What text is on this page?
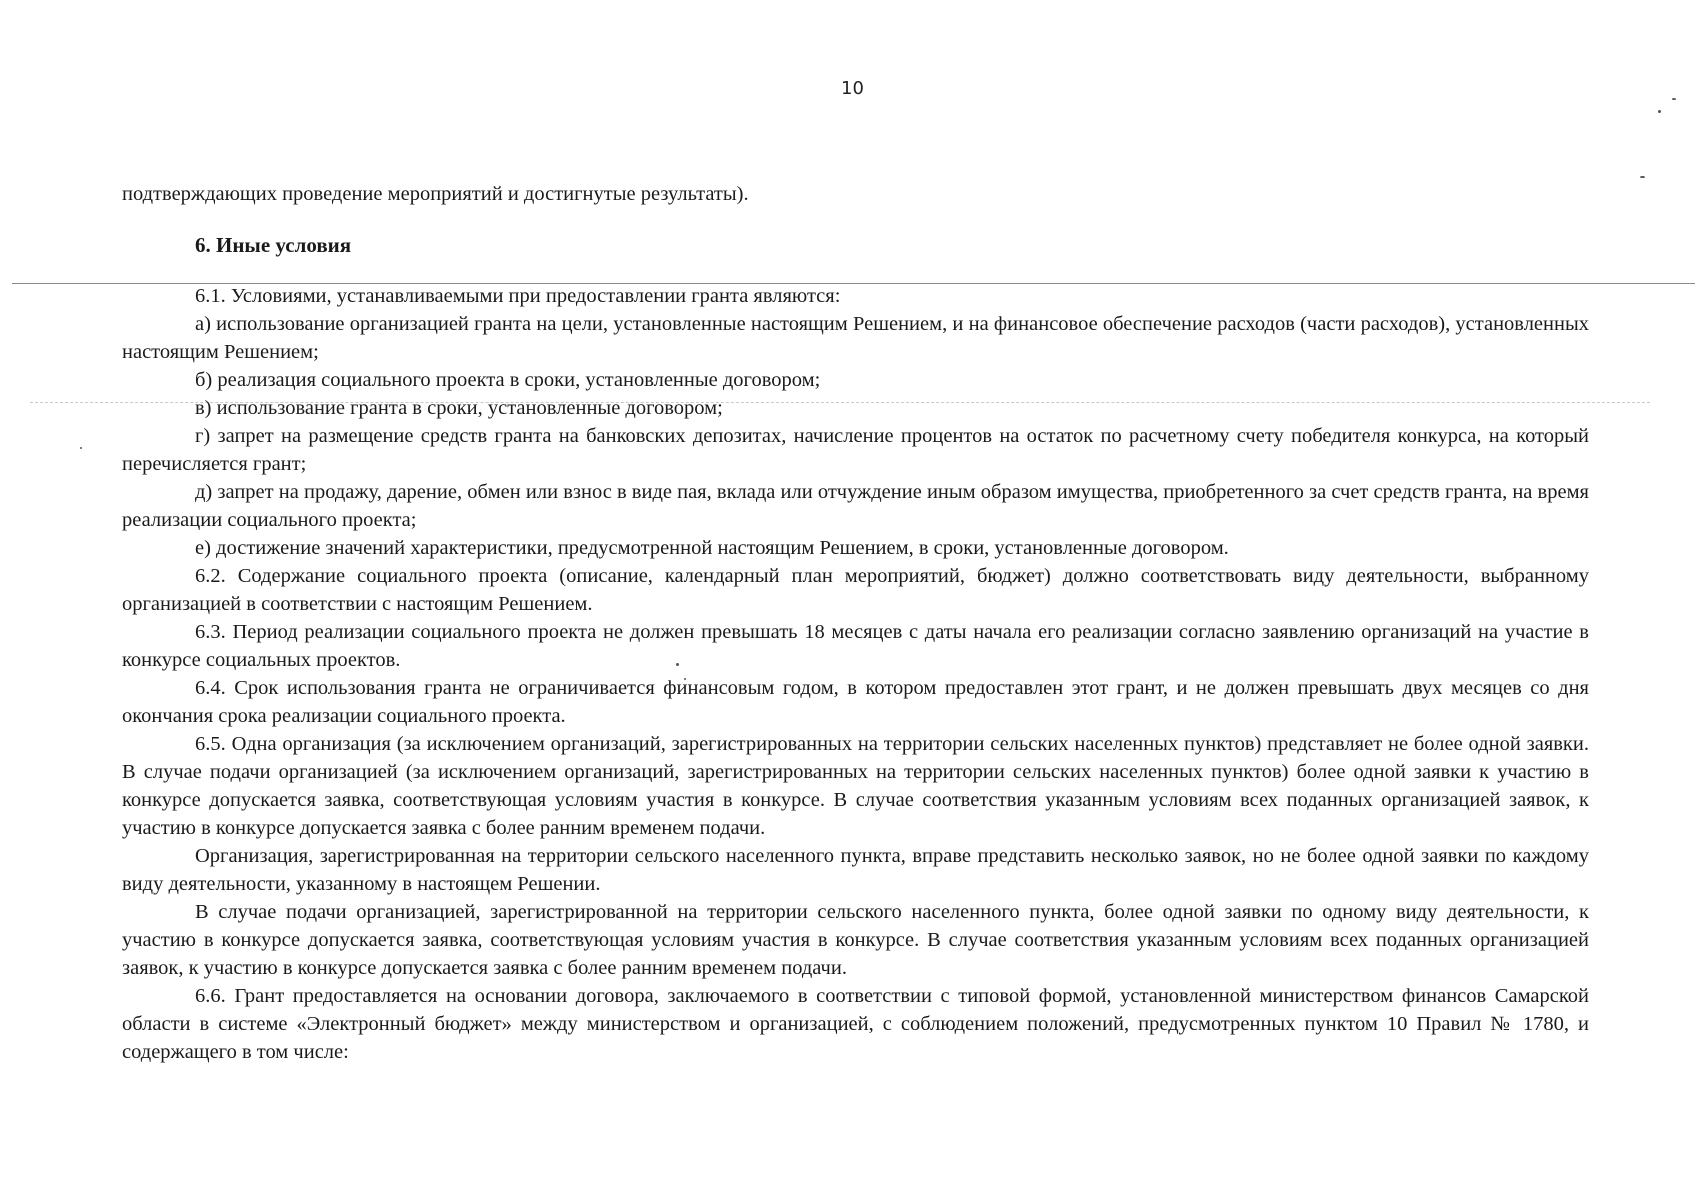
10

подтверждающих проведение мероприятий и достигнутые результаты).

6. Иные условия

6.1. Условиями, устанавливаемыми при предоставлении гранта являются:

а) использование организацией гранта на цели, установленные настоящим Решением, и на финансовое обеспечение расходов (части расходов), установленных настоящим Решением;

б) реализация социального проекта в сроки, установленные договором;

в) использование гранта в сроки, установленные договором;

г) запрет на размещение средств гранта на банковских депозитах, начисление процентов на остаток по расчетному счету победителя конкурса, на который перечисляется грант;

д) запрет на продажу, дарение, обмен или взнос в виде пая, вклада или отчуждение иным образом имущества, приобретенного за счет средств гранта, на время реализации социального проекта;

е) достижение значений характеристики, предусмотренной настоящим Решением, в сроки, установленные договором.

6.2. Содержание социального проекта (описание, календарный план мероприятий, бюджет) должно соответствовать виду деятельности, выбранному организацией в соответствии с настоящим Решением.

6.3. Период реализации социального проекта не должен превышать 18 месяцев с даты начала его реализации согласно заявлению организаций на участие в конкурсе социальных проектов.

6.4. Срок использования гранта не ограничивается финансовым годом, в котором предоставлен этот грант, и не должен превышать двух месяцев со дня окончания срока реализации социального проекта.

6.5. Одна организация (за исключением организаций, зарегистрированных на территории сельских населенных пунктов) представляет не более одной заявки. В случае подачи организацией (за исключением организаций, зарегистрированных на территории сельских населенных пунктов) более одной заявки к участию в конкурсе допускается заявка, соответствующая условиям участия в конкурсе. В случае соответствия указанным условиям всех поданных организацией заявок, к участию в конкурсе допускается заявка с более ранним временем подачи.

Организация, зарегистрированная на территории сельского населенного пункта, вправе представить несколько заявок, но не более одной заявки по каждому виду деятельности, указанному в настоящем Решении.

В случае подачи организацией, зарегистрированной на территории сельского населенного пункта, более одной заявки по одному виду деятельности, к участию в конкурсе допускается заявка, соответствующая условиям участия в конкурсе. В случае соответствия указанным условиям всех поданных организацией заявок, к участию в конкурсе допускается заявка с более ранним временем подачи.

6.6. Грант предоставляется на основании договора, заключаемого в соответствии с типовой формой, установленной министерством финансов Самарской области в системе «Электронный бюджет» между министерством и организацией, с соблюдением положений, предусмотренных пунктом 10 Правил № 1780, и содержащего в том числе:
